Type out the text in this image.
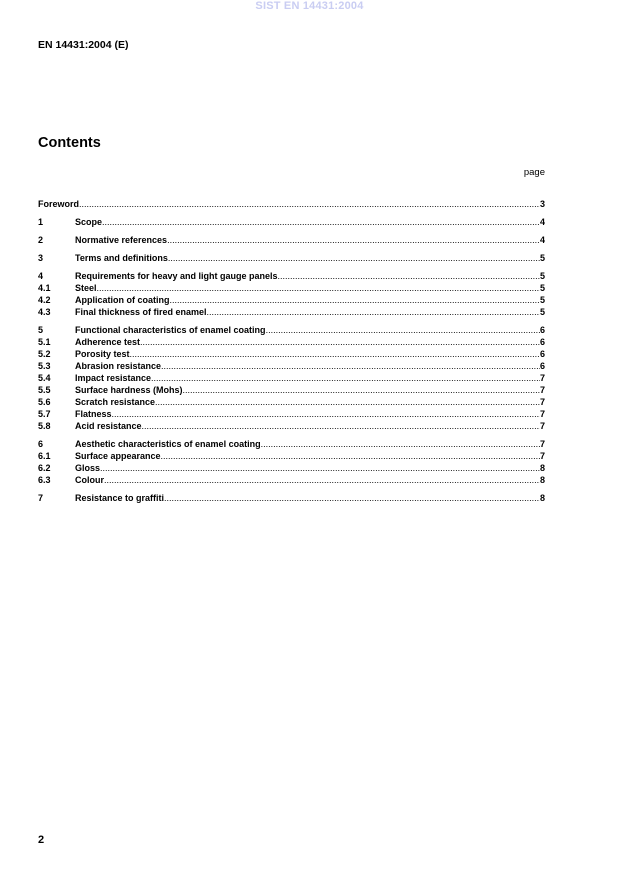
SIST EN 14431:2004
EN 14431:2004 (E)
Contents
page
Foreword .....	3
1	Scope .....	4
2	Normative references .....	4
3	Terms and definitions .....	5
4	Requirements for heavy and light gauge panels .....	5
4.1	Steel .....	5
4.2	Application of coating .....	5
4.3	Final thickness of fired enamel .....	5
5	Functional characteristics of enamel coating .....	6
5.1	Adherence test .....	6
5.2	Porosity test .....	6
5.3	Abrasion resistance .....	6
5.4	Impact resistance .....	7
5.5	Surface hardness (Mohs) .....	7
5.6	Scratch resistance .....	7
5.7	Flatness .....	7
5.8	Acid resistance .....	7
6	Aesthetic characteristics of enamel coating .....	7
6.1	Surface appearance .....	7
6.2	Gloss .....	8
6.3	Colour .....	8
7	Resistance to graffiti .....	8
2
